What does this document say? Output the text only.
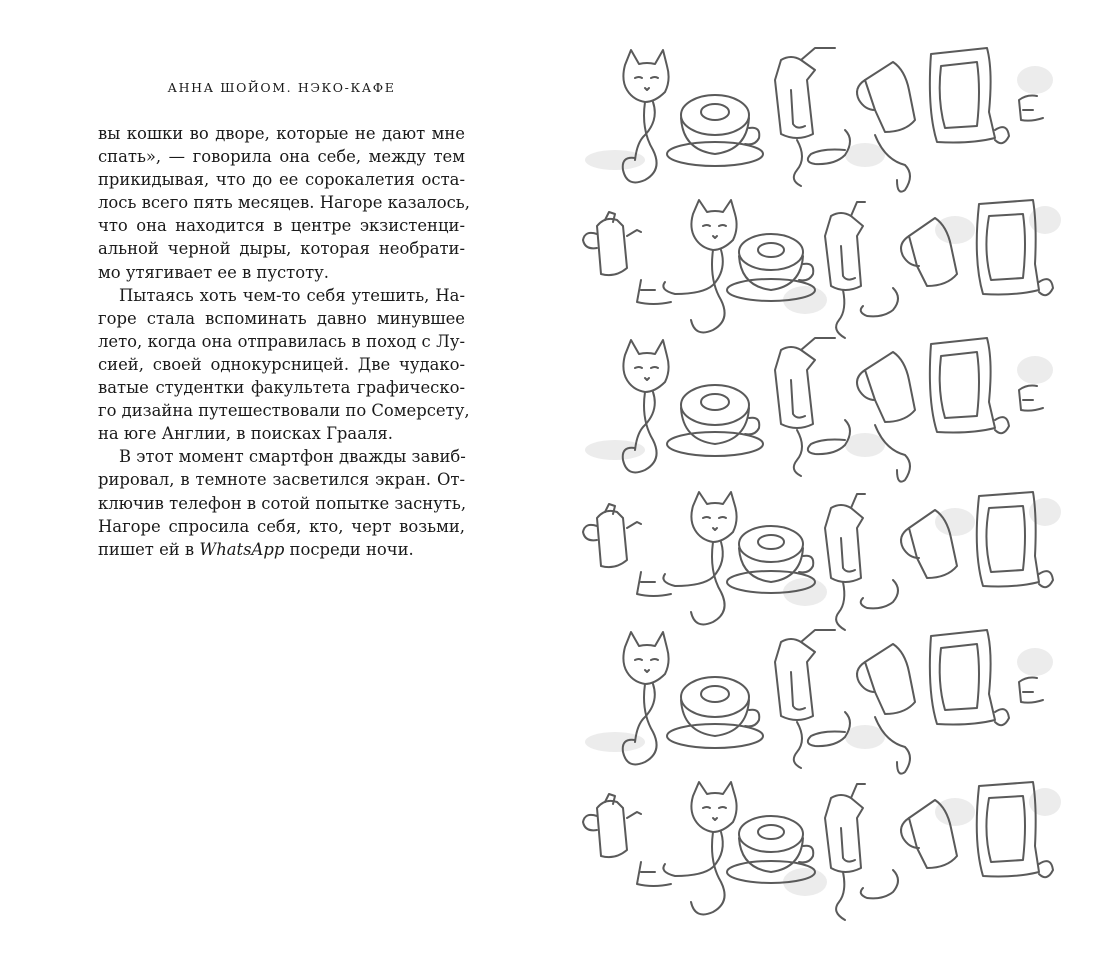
АННА ШОЙОМ. НЭКО-КАФЕ

вы кошки во дворе, которые не дают мне
спать», — говорила она себе, между тем
прикидывая, что до ее сорокалетия оста-
лось всего пять месяцев. Нагоре казалось,
что она находится в центре экзистенци-
альной черной дыры, которая необрати-
мо утягивает ее в пустоту.

Пытаясь хоть чем-то себя утешить, На-
горе стала вспоминать давно минувшее
лето, когда она отправилась в поход с Лу-
сией, своей однокурсницей. Две чудако-
ватые студентки факультета графическо-
го дизайна путешествовали по Сомерсету,
на юге Англии, в поисках Грааля.

В этот момент смартфон дважды завиб-
рировал, в темноте засветился экран. От-
ключив телефон в сотой попытке заснуть,
Нагоре спросила себя, кто, черт возьми,
пишет ей в WhatsApp посреди ночи.
